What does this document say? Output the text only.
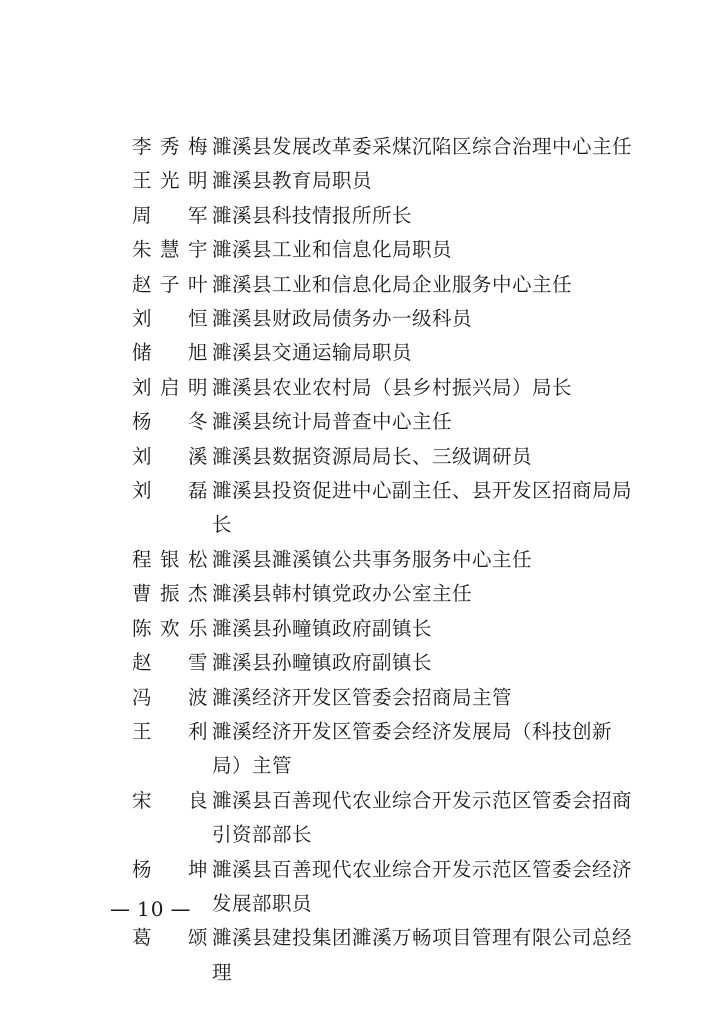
李秀梅 濉溪县发展改革委采煤沉陷区综合治理中心主任
王光明 濉溪县教育局职员
周　军 濉溪县科技情报所所长
朱慧宇 濉溪县工业和信息化局职员
赵子叶 濉溪县工业和信息化局企业服务中心主任
刘　恒 濉溪县财政局债务办一级科员
储　旭 濉溪县交通运输局职员
刘启明 濉溪县农业农村局（县乡村振兴局）局长
杨　冬 濉溪县统计局普查中心主任
刘　溪 濉溪县数据资源局局长、三级调研员
刘　磊 濉溪县投资促进中心副主任、县开发区招商局局长
程银松 濉溪县濉溪镇公共事务服务中心主任
曹振杰 濉溪县韩村镇党政办公室主任
陈欢乐 濉溪县孙疃镇政府副镇长
赵　雪 濉溪县孙疃镇政府副镇长
冯　波 濉溪经济开发区管委会招商局主管
王　利 濉溪经济开发区管委会经济发展局（科技创新局）主管
宋　良 濉溪县百善现代农业综合开发示范区管委会招商引资部部长
杨　坤 濉溪县百善现代农业综合开发示范区管委会经济发展部职员
葛　颂 濉溪县建投集团濉溪万畅项目管理有限公司总经理
— 10 —
